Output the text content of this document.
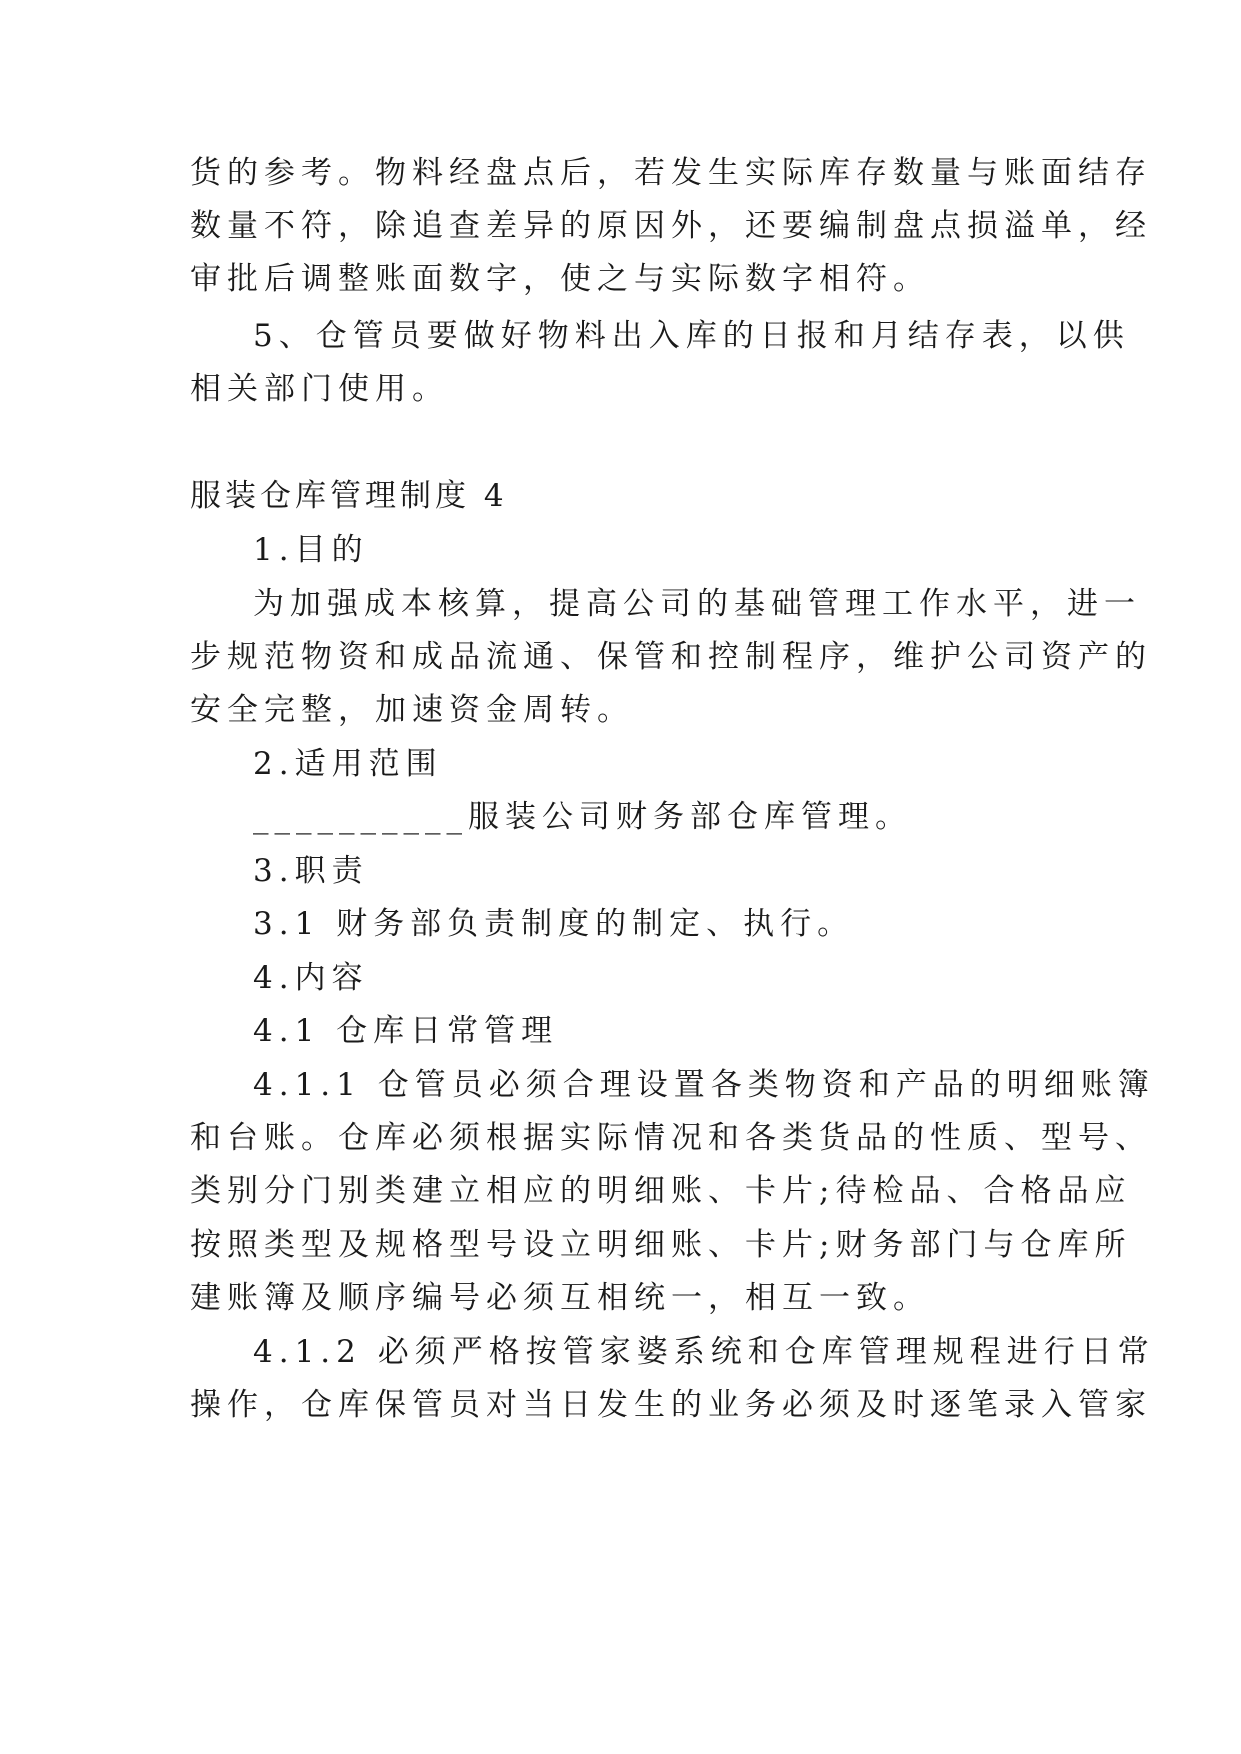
货的参考。物料经盘点后，若发生实际库存数量与账面结存
数量不符，除追查差异的原因外，还要编制盘点损溢单，经
审批后调整账面数字，使之与实际数字相符。
5、仓管员要做好物料出入库的日报和月结存表，以供
相关部门使用。
服装仓库管理制度 4
1.目的
为加强成本核算，提高公司的基础管理工作水平，进一
步规范物资和成品流通、保管和控制程序，维护公司资产的
安全完整，加速资金周转。
2.适用范围
__________服装公司财务部仓库管理。
3.职责
3.1 财务部负责制度的制定、执行。
4.内容
4.1 仓库日常管理
4.1.1 仓管员必须合理设置各类物资和产品的明细账簿
和台账。仓库必须根据实际情况和各类货品的性质、型号、
类别分门别类建立相应的明细账、卡片;待检品、合格品应
按照类型及规格型号设立明细账、卡片;财务部门与仓库所
建账簿及顺序编号必须互相统一，相互一致。
4.1.2 必须严格按管家婆系统和仓库管理规程进行日常
操作，仓库保管员对当日发生的业务必须及时逐笔录入管家
